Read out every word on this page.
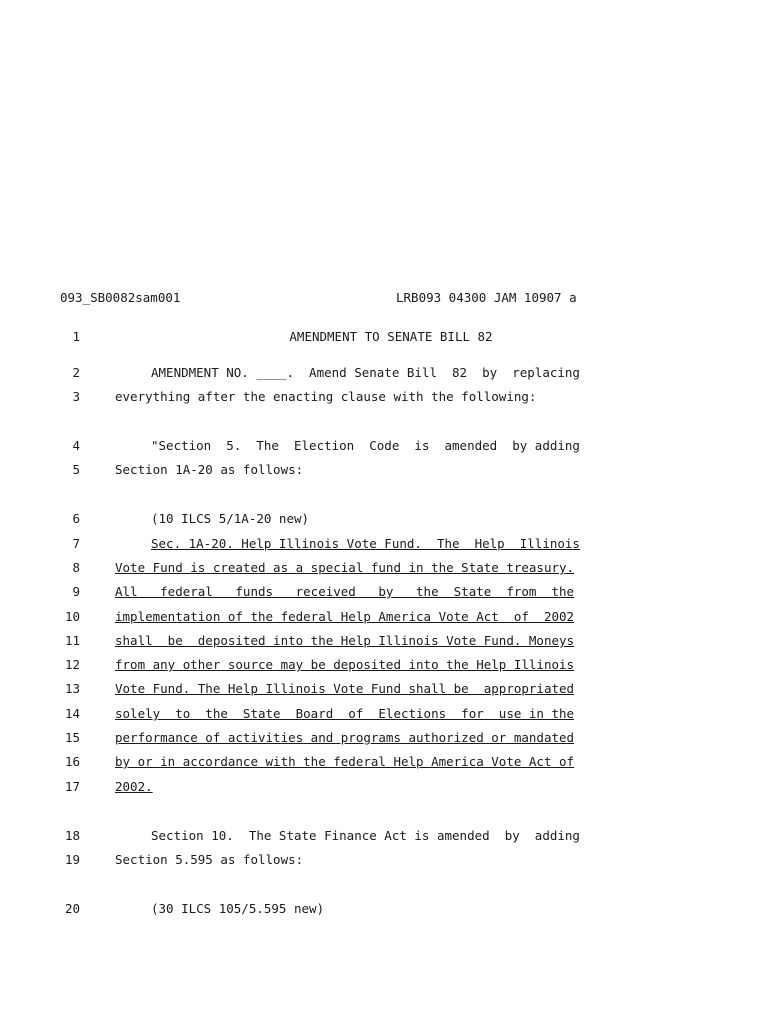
093_SB0082sam001	LRB093 04300 JAM 10907 a
1	AMENDMENT TO SENATE BILL 82
2	AMENDMENT NO. ____.  Amend Senate Bill  82  by  replacing
3	everything after the enacting clause with the following:
4	"Section  5.  The  Election  Code  is  amended  by adding
5	Section 1A-20 as follows:
6	(10 ILCS 5/1A-20 new)
7	Sec. 1A-20. Help Illinois Vote Fund.  The  Help  Illinois
8	Vote Fund is created as a special fund in the State treasury.
9	All   federal   funds   received   by   the  State  from  the
10	implementation of the federal Help America Vote Act  of  2002
11	shall  be  deposited into the Help Illinois Vote Fund. Moneys
12	from any other source may be deposited into the Help Illinois
13	Vote Fund. The Help Illinois Vote Fund shall be  appropriated
14	solely  to  the  State  Board  of  Elections  for  use in the
15	performance of activities and programs authorized or mandated
16	by or in accordance with the federal Help America Vote Act of
17	2002.
18	Section 10.  The State Finance Act is amended  by  adding
19	Section 5.595 as follows:
20	(30 ILCS 105/5.595 new)
